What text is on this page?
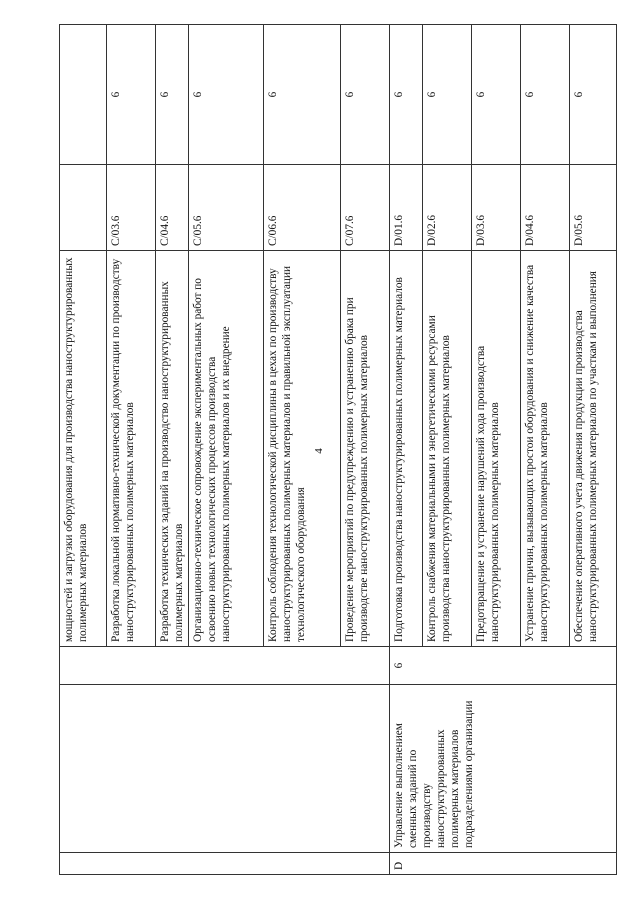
4
			мощностей и загрузки оборудования для производства наноструктурированных полимерных материалов		
			Разработка локальной нормативно-технической документации по производству наноструктурированных полимерных материалов	C/03.6	6
			Разработка технических заданий на производство наноструктурированных полимерных материалов	C/04.6	6
			Организационно-техническое сопровождение экспериментальных работ по освоению новых технологических процессов производства наноструктурированных полимерных материалов и их внедрение	C/05.6	6
			Контроль соблюдения технологической дисциплины в цехах по производству наноструктурированных полимерных материалов и правильной эксплуатации технологического оборудования	C/06.6	6
			Проведение мероприятий по предупреждению и устранению брака при производстве наноструктурированных полимерных материалов	C/07.6	6
D	Управление выполнением сменных заданий по производству наноструктурированных полимерных материалов подразделениями организации	6	Подготовка производства наноструктурированных полимерных материалов	D/01.6	6
			Контроль снабжения материальными и энергетическими ресурсами производства наноструктурированных полимерных материалов	D/02.6	6
			Предотвращение и устранение нарушений хода производства наноструктурированных полимерных материалов	D/03.6	6
			Устранение причин, вызывающих простои оборудования и снижение качества наноструктурированных полимерных материалов	D/04.6	6
			Обеспечение оперативного учета движения продукции производства наноструктурированных полимерных материалов по участкам и выполнения	D/05.6	6
